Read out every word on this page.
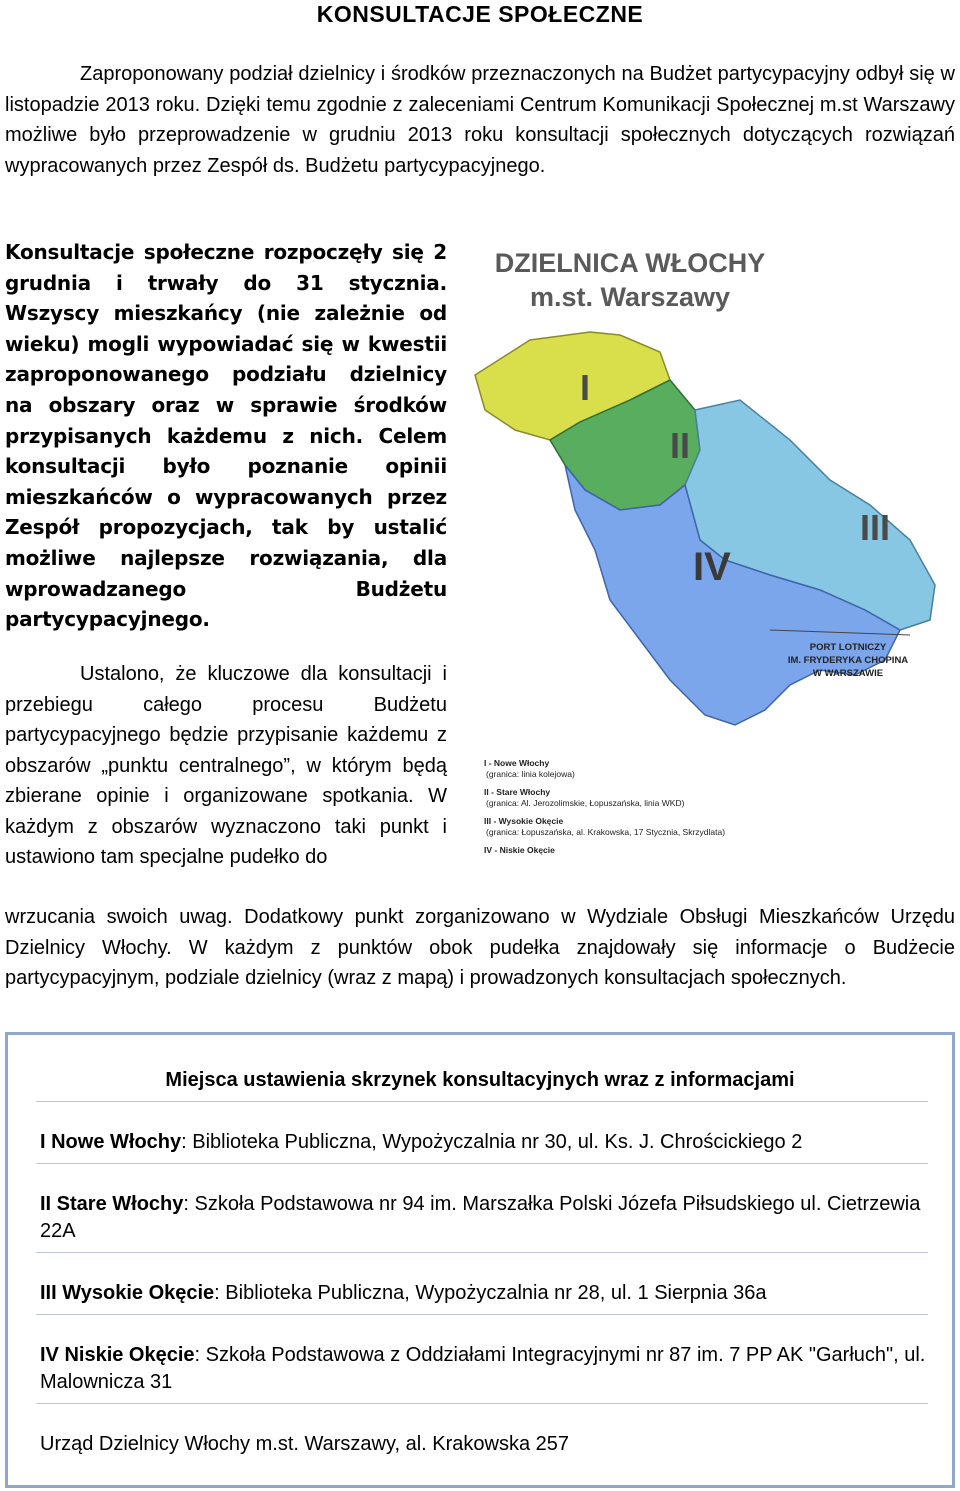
KONSULTACJE SPOŁECZNE

Zaproponowany podział dzielnicy i środków przeznaczonych na Budżet partycypacyjny odbył się w listopadzie 2013 roku. Dzięki temu zgodnie z zaleceniami Centrum Komunikacji Społecznej m.st Warszawy możliwe było przeprowadzenie w grudniu 2013 roku konsultacji społecznych dotyczących rozwiązań wypracowanych przez Zespół ds. Budżetu partycypacyjnego.

Konsultacje społeczne rozpoczęły się 2 grudnia i trwały do 31 stycznia. Wszyscy mieszkańcy (nie zależnie od wieku) mogli wypowiadać się w kwestii zaproponowanego podziału dzielnicy na obszary oraz w sprawie środków przypisanych każdemu z nich. Celem konsultacji było poznanie opinii mieszkańców o wypracowanych przez Zespół propozycjach, tak by ustalić możliwe najlepsze rozwiązania, dla wprowadzanego Budżetu partycypacyjnego.

DZIELNICA WŁOCHY
m.st. Warszawy
I
II
III
IV
PORT LOTNICZY
IM. FRYDERYKA CHOPINA
W WARSZAWIE
I - Nowe Włochy
(granica: linia kolejowa)
II - Stare Włochy
(granica: Al. Jerozolimskie, Łopuszańska, linia WKD)
III - Wysokie Okęcie
(granica: Łopuszańska, al. Krakowska, 17 Stycznia, Skrzydlata)
IV - Niskie Okęcie

Ustalono, że kluczowe dla konsultacji i przebiegu całego procesu Budżetu partycypacyjnego będzie przypisanie każdemu z obszarów „punktu centralnego”, w którym będą zbierane opinie i organizowane spotkania. W każdym z obszarów wyznaczono taki punkt i ustawiono tam specjalne pudełko do

wrzucania swoich uwag. Dodatkowy punkt zorganizowano w Wydziale Obsługi Mieszkańców Urzędu Dzielnicy Włochy. W każdym z punktów obok pudełka znajdowały się informacje o Budżecie partycypacyjnym, podziale dzielnicy (wraz z mapą) i prowadzonych konsultacjach społecznych.

Miejsca ustawienia skrzynek konsultacyjnych wraz z informacjami

I Nowe Włochy: Biblioteka Publiczna, Wypożyczalnia nr 30, ul. Ks. J. Chrościckiego 2

II Stare Włochy: Szkoła Podstawowa nr 94 im. Marszałka Polski Józefa Piłsudskiego ul. Cietrzewia 22A

III Wysokie Okęcie: Biblioteka Publiczna, Wypożyczalnia nr 28, ul. 1 Sierpnia 36a

IV Niskie Okęcie: Szkoła Podstawowa z Oddziałami Integracyjnymi nr 87 im. 7 PP AK "Garłuch", ul. Malownicza 31

Urząd Dzielnicy Włochy m.st. Warszawy, al. Krakowska 257
